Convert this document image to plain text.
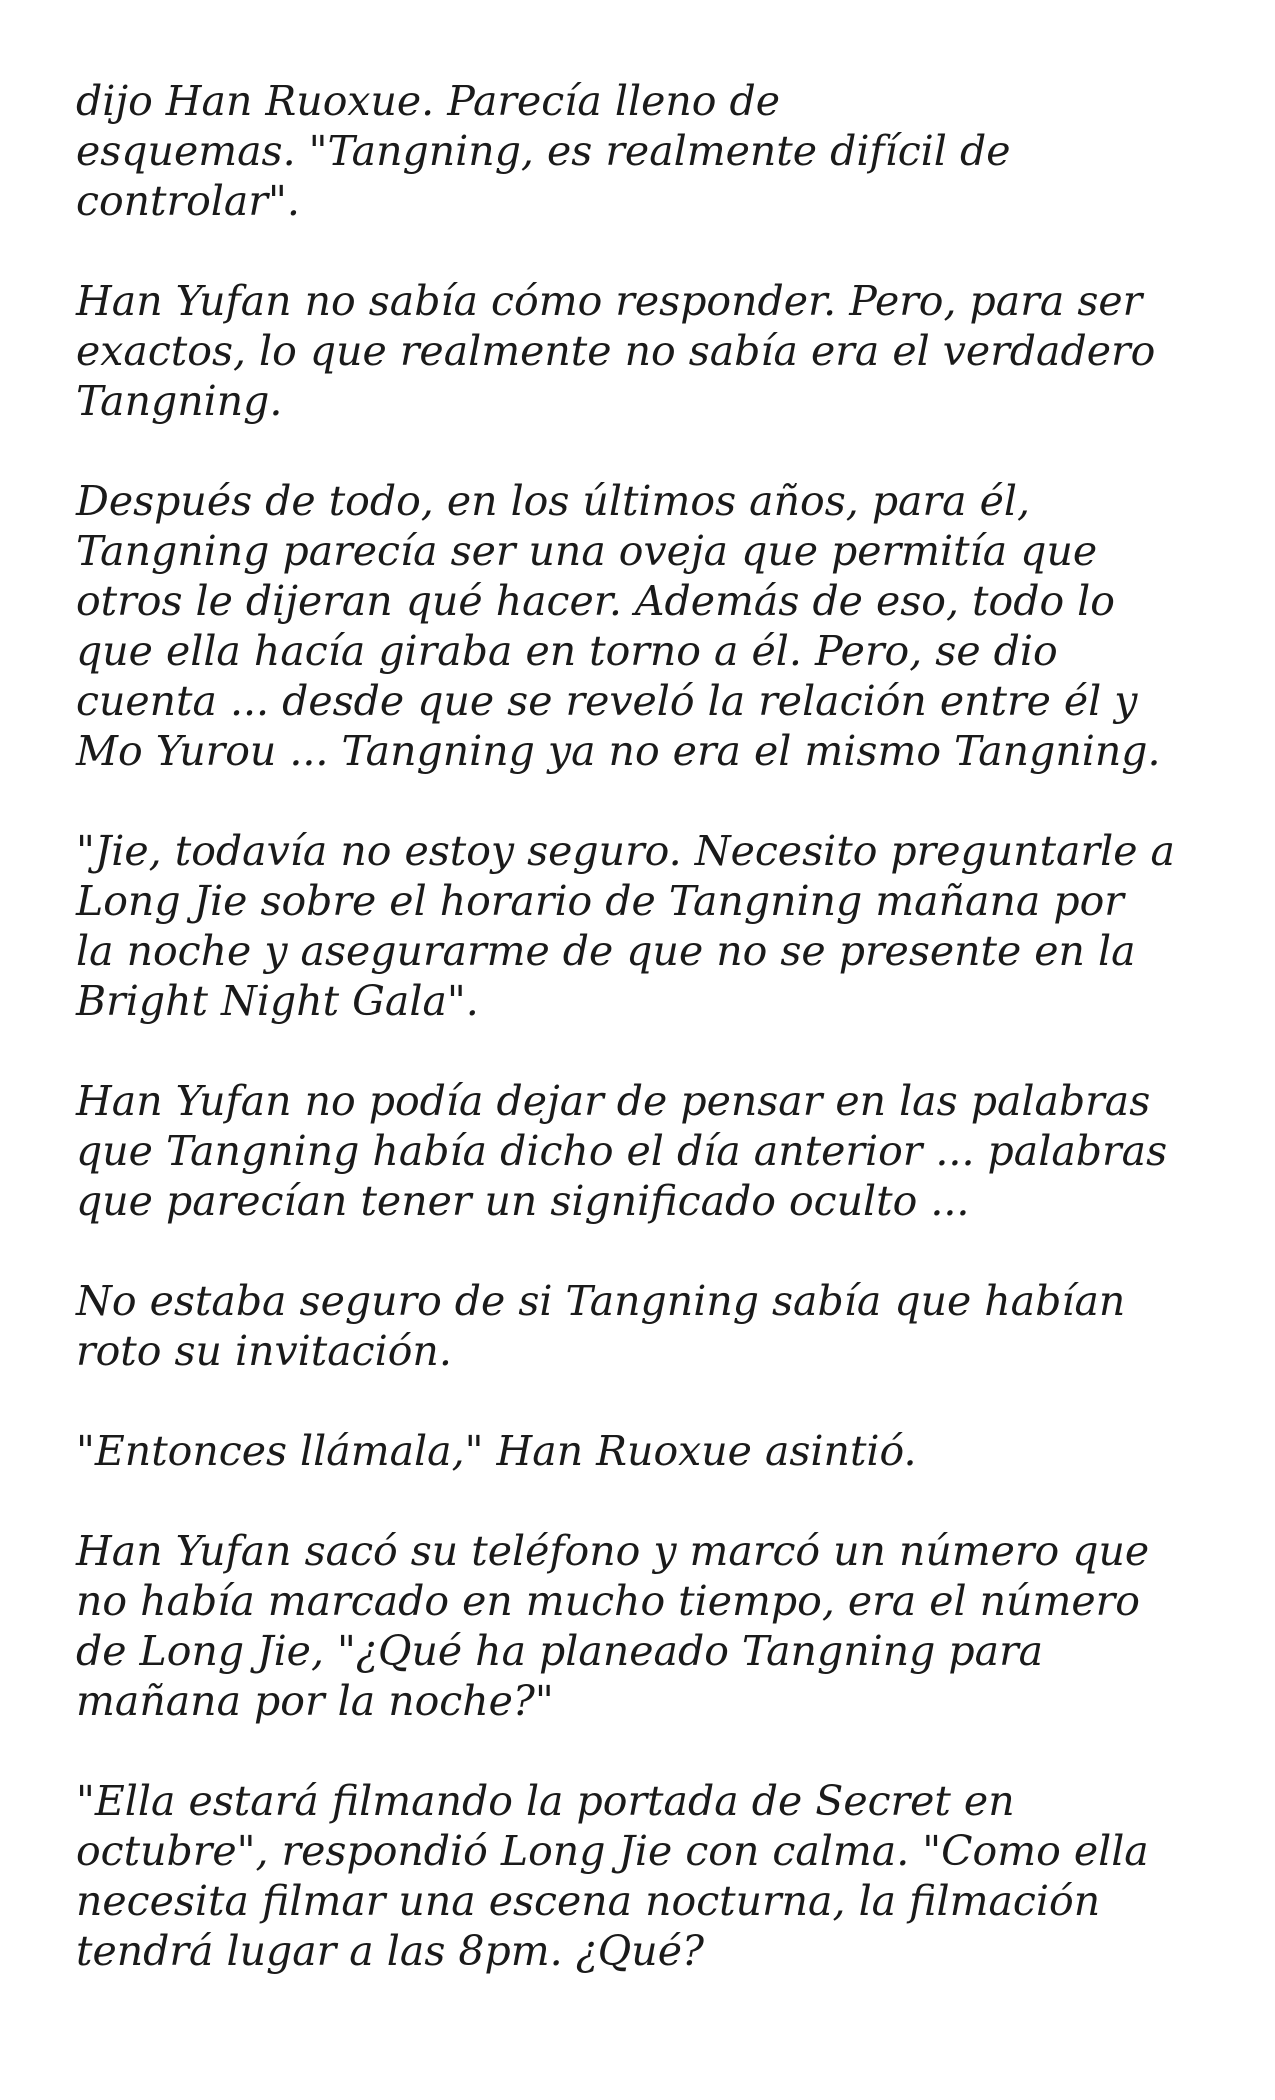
dijo Han Ruoxue. Parecía lleno de
esquemas. "Tangning, es realmente difícil de
controlar".

Han Yufan no sabía cómo responder. Pero, para ser
exactos, lo que realmente no sabía era el verdadero
Tangning.

Después de todo, en los últimos años, para él,
Tangning parecía ser una oveja que permitía que
otros le dijeran qué hacer. Además de eso, todo lo
que ella hacía giraba en torno a él. Pero, se dio
cuenta ... desde que se reveló la relación entre él y
Mo Yurou ... Tangning ya no era el mismo Tangning.

"Jie, todavía no estoy seguro. Necesito preguntarle a
Long Jie sobre el horario de Tangning mañana por
la noche y asegurarme de que no se presente en la
Bright Night Gala".

Han Yufan no podía dejar de pensar en las palabras
que Tangning había dicho el día anterior ... palabras
que parecían tener un significado oculto ...

No estaba seguro de si Tangning sabía que habían
roto su invitación.

"Entonces llámala," Han Ruoxue asintió.

Han Yufan sacó su teléfono y marcó un número que
no había marcado en mucho tiempo, era el número
de Long Jie, "¿Qué ha planeado Tangning para
mañana por la noche?"

"Ella estará filmando la portada de Secret en
octubre", respondió Long Jie con calma. "Como ella
necesita filmar una escena nocturna, la filmación
tendrá lugar a las 8pm. ¿Qué?
